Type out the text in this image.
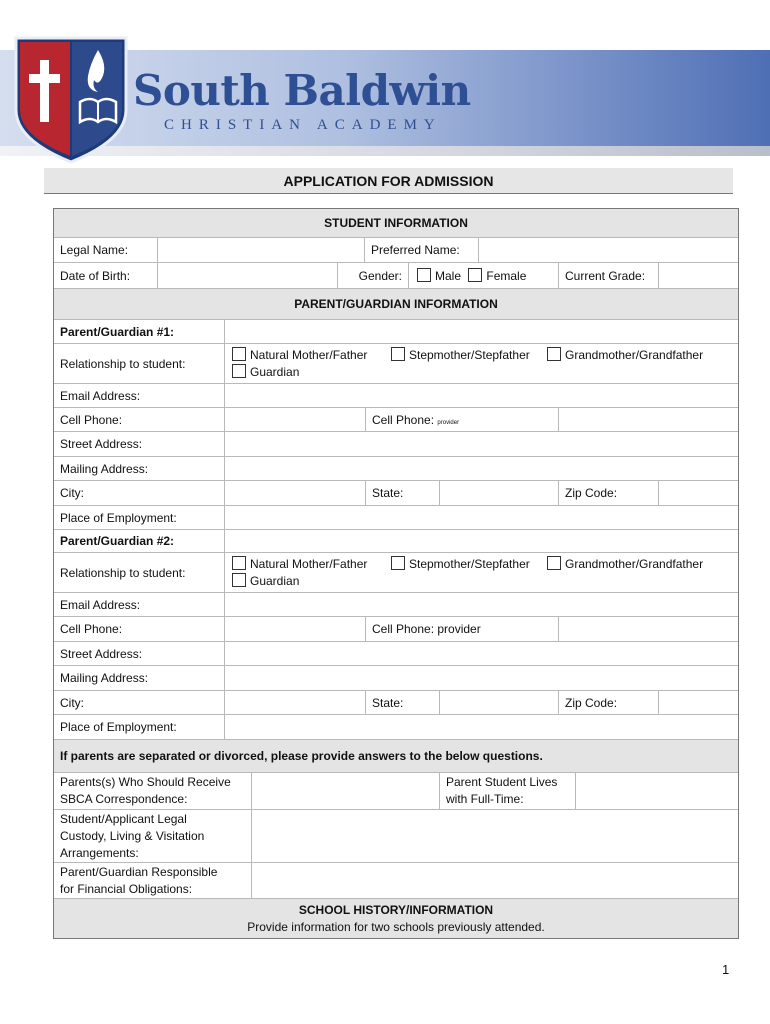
South Baldwin
CHRISTIAN ACADEMY
APPLICATION FOR ADMISSION
STUDENT INFORMATION
Legal Name:	Preferred Name:
Date of Birth:	Gender:	Male Female	Current Grade:
PARENT/GUARDIAN INFORMATION
Parent/Guardian #1:
Relationship to student:
Natural Mother/Father	Stepmother/Stepfather	Grandmother/Grandfather
Guardian
Email Address:
Cell Phone:	Cell Phone: provider
Street Address:
Mailing Address:
City:	State:	Zip Code:
Place of Employment:
Parent/Guardian #2:
Relationship to student:
Natural Mother/Father	Stepmother/Stepfather	Grandmother/Grandfather
Guardian
Email Address:
Cell Phone:	Cell Phone: provider
Street Address:
Mailing Address:
City:	State:	Zip Code:
Place of Employment:
If parents are separated or divorced, please provide answers to the below questions.
Parents(s) Who Should Receive
SBCA Correspondence:
Parent Student Lives
with Full-Time:
Student/Applicant Legal
Custody, Living & Visitation
Arrangements:
Parent/Guardian Responsible
for Financial Obligations:
SCHOOL HISTORY/INFORMATION
Provide information for two schools previously attended.
1
